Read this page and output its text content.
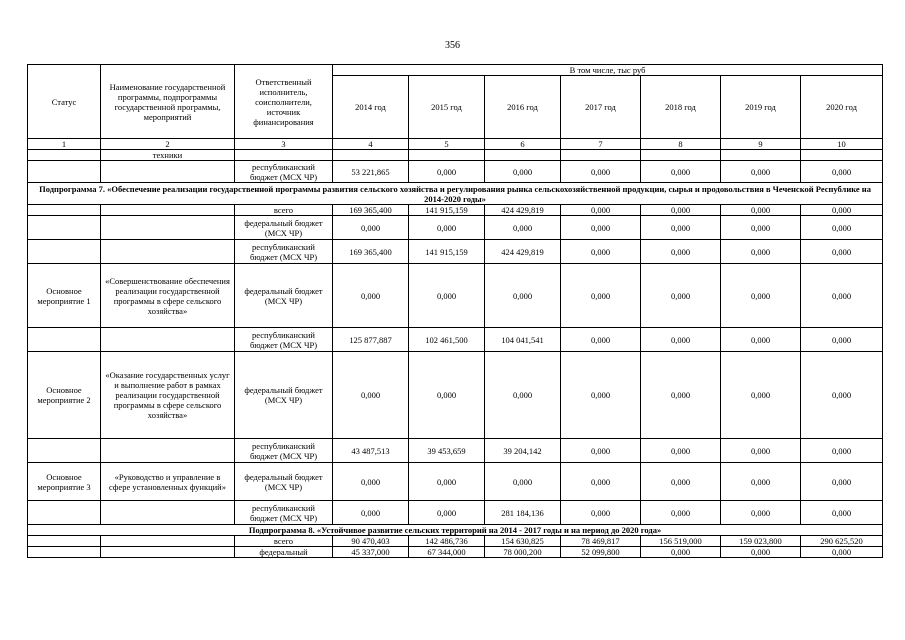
356
Статус	Наименование государственной программы, подпрограммы государственной программы, мероприятий	Ответственный исполнитель, соисполнители, источник финансирования	В том числе, тыс руб						
			2014 год	2015 год	2016 год	2017 год	2018 год	2019 год	2020 год
1	2	3	4	5	6	7	8	9	10
	техники								
		республиканский бюджет (МСХ ЧР)	53 221,865	0,000	0,000	0,000	0,000	0,000	0,000
Подпрограмма 7. «Обеспечение реализации государственной программы развития сельского хозяйства и регулирования рынка сельскохозяйственной продукции, сырья и продовольствия в Чеченской Республике на 2014-2020 годы»									
		всего	169 365,400	141 915,159	424 429,819	0,000	0,000	0,000	0,000
		федеральный бюджет (МСХ ЧР)	0,000	0,000	0,000	0,000	0,000	0,000	0,000
		республиканский бюджет (МСХ ЧР)	169 365,400	141 915,159	424 429,819	0,000	0,000	0,000	0,000
Основное мероприятие 1	«Совершенствование обеспечения реализации государственной программы в сфере сельского хозяйства»	федеральный бюджет (МСХ ЧР)	0,000	0,000	0,000	0,000	0,000	0,000	0,000
		республиканский бюджет (МСХ ЧР)	125 877,887	102 461,500	104 041,541	0,000	0,000	0,000	0,000
Основное мероприятие 2	«Оказание государственных услуг и выполнение работ в рамках реализации государственной программы в сфере сельского хозяйства»	федеральный бюджет (МСХ ЧР)	0,000	0,000	0,000	0,000	0,000	0,000	0,000
		республиканский бюджет (МСХ ЧР)	43 487,513	39 453,659	39 204,142	0,000	0,000	0,000	0,000
Основное мероприятие 3	«Руководство и управление в сфере установленных функций»	федеральный бюджет (МСХ ЧР)	0,000	0,000	0,000	0,000	0,000	0,000	0,000
		республиканский бюджет (МСХ ЧР)	0,000	0,000	281 184,136	0,000	0,000	0,000	0,000
Подпрограмма 8. «Устойчивое развитие сельских территорий на 2014 - 2017 годы и на период до 2020 года»									
		всего	90 470,403	142 486,736	154 630,825	78 469,817	156 519,000	159 023,800	290 625,520
		федеральный	45 337,000	67 344,000	78 000,200	52 099,800	0,000	0,000	0,000
